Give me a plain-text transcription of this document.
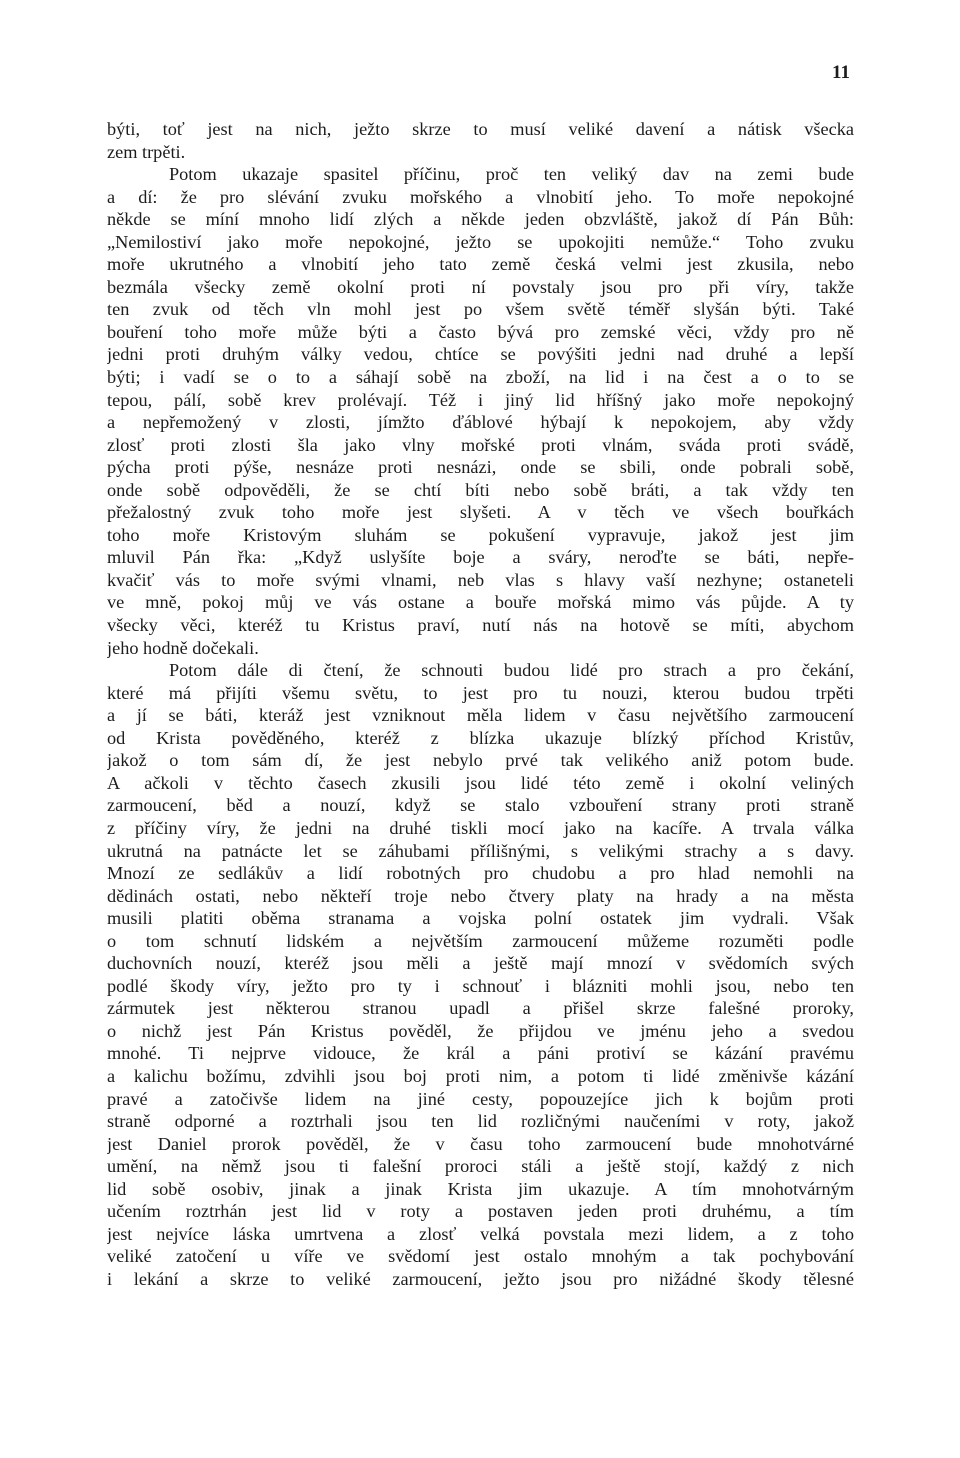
11
býti, toť jest na nich, ježto skrze to musí veliké davení a nátisk všecka
zem trpěti.
Potom ukazaje spasitel příčinu, proč ten veliký dav na zemi bude
a dí: že pro slévání zvuku mořského a vlnobití jeho. To moře nepokojné
někde se míní mnoho lidí zlých a někde jeden obzvláště, jakož dí Pán Bůh:
„Nemilostiví jako moře nepokojné, ježto se upokojiti nemůže.“ Toho zvuku
moře ukrutného a vlnobití jeho tato země česká velmi jest zkusila, nebo
bezmála všecky země okolní proti ní povstaly jsou pro při víry, takže
ten zvuk od těch vln mohl jest po všem světě téměř slyšán býti. Také
bouření toho moře může býti a často bývá pro zemské věci, vždy pro ně
jedni proti druhým války vedou, chtíce se povýšiti jedni nad druhé a lepší
býti; i vadí se o to a sáhají sobě na zboží, na lid i na čest a o to se
tepou, pálí, sobě krev prolévají. Též i jiný lid hříšný jako moře nepokojný
a nepřemožený v zlosti, jímžto ďáblové hýbají k nepokojem, aby vždy
zlosť proti zlosti šla jako vlny mořské proti vlnám, sváda proti svádě,
pýcha proti pýše, nesnáze proti nesnázi, onde se sbili, onde pobrali sobě,
onde sobě odpověděli, že se chtí bíti nebo sobě bráti, a tak vždy ten
přežalostný zvuk toho moře jest slyšeti. A v těch ve všech bouřkách
toho moře Kristovým sluhám se pokušení vypravuje, jakož jest jim
mluvil Pán řka: „Když uslyšíte boje a sváry, neroďte se báti, nepře-
kvačiť vás to moře svými vlnami, neb vlas s hlavy vaší nezhyne; ostaneteli
ve mně, pokoj můj ve vás ostane a bouře mořská mimo vás půjde. A ty
všecky věci, kteréž tu Kristus praví, nutí nás na hotově se míti, abychom
jeho hodně dočekali.
Potom dále di čtení, že schnouti budou lidé pro strach a pro čekání,
které má přijíti všemu světu, to jest pro tu nouzi, kterou budou trpěti
a jí se báti, kteráž jest vzniknout měla lidem v času největšího zarmoucení
od Krista pověděného, kteréž z blízka ukazuje blízký příchod Kristův,
jakož o tom sám dí, že jest nebylo prvé tak velikého aniž potom bude.
A ačkoli v těchto časech zkusili jsou lidé této země i okolní veliných
zarmoucení, běd a nouzí, když se stalo vzbouření strany proti straně
z příčiny víry, že jedni na druhé tiskli mocí jako na kacíře. A trvala válka
ukrutná na patnácte let se záhubami přílišnými, s velikými strachy a s davy.
Mnozí ze sedlákův a lidí robotných pro chudobu a pro hlad nemohli na
dědinách ostati, nebo někteří troje nebo čtvery platy na hrady a na města
musili platiti oběma stranama a vojska polní ostatek jim vydrali. Však
o tom schnutí lidském a největším zarmoucení můžeme rozuměti podle
duchovních nouzí, kteréž jsou měli a ještě mají mnozí v svědomích svých
podlé škody víry, ježto pro ty i schnouť i blázniti mohli jsou, nebo ten
zármutek jest některou stranou upadl a přišel skrze falešné proroky,
o nichž jest Pán Kristus pověděl, že přijdou ve jménu jeho a svedou
mnohé. Ti nejprve vidouce, že král a páni protiví se kázání pravému
a kalichu božímu, zdvihli jsou boj proti nim, a potom ti lidé změnivše kázání
pravé a zatočivše lidem na jiné cesty, popouzejíce jich k bojům proti
straně odporné a roztrhali jsou ten lid rozličnými naučeními v roty, jakož
jest Daniel prorok pověděl, že v času toho zarmoucení bude mnohotvárné
umění, na němž jsou ti falešní proroci stáli a ještě stojí, každý z nich
lid sobě osobiv, jinak a jinak Krista jim ukazuje. A tím mnohotvárným
učením roztrhán jest lid v roty a postaven jeden proti druhému, a tím
jest nejvíce láska umrtvena a zlosť velká povstala mezi lidem, a z toho
veliké zatočení u víře ve svědomí jest ostalo mnohým a tak pochybování
i lekání a skrze to veliké zarmoucení, ježto jsou pro nižádné škody tělesné
